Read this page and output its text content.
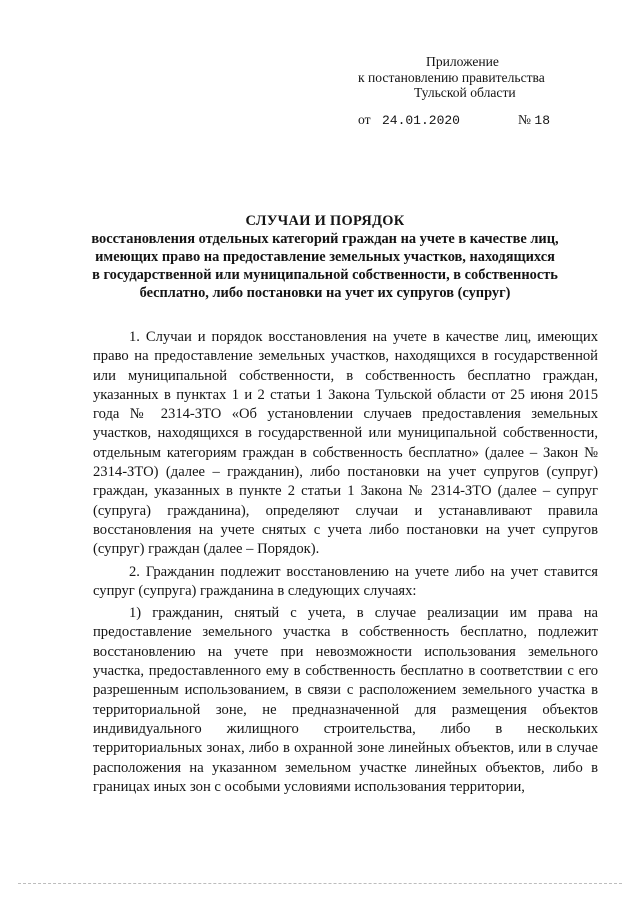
Приложение
к постановлению правительства
Тульской области
от 24.01.2020	№ 18
СЛУЧАИ И ПОРЯДОК
восстановления отдельных категорий граждан на учете в качестве лиц,
имеющих право на предоставление земельных участков, находящихся
в государственной или муниципальной собственности, в собственность
бесплатно, либо постановки на учет их супругов (супруг)

1. Случаи и порядок восстановления на учете в качестве лиц, имеющих право на предоставление земельных участков, находящихся в государственной или муниципальной собственности, в собственность бесплатно граждан, указанных в пунктах 1 и 2 статьи 1 Закона Тульской области от 25 июня 2015 года № 2314-ЗТО «Об установлении случаев предоставления земельных участков, находящихся в государственной или муниципальной собственности, отдельным категориям граждан в собственность бесплатно» (далее – Закон № 2314-ЗТО) (далее – гражданин), либо постановки на учет супругов (супруг) граждан, указанных в пункте 2 статьи 1 Закона № 2314-ЗТО (далее – супруг (супруга) гражданина), определяют случаи и устанавливают правила восстановления на учете снятых с учета либо постановки на учет супругов (супруг) граждан (далее – Порядок).

2. Гражданин подлежит восстановлению на учете либо на учет ставится супруг (супруга) гражданина в следующих случаях:

1) гражданин, снятый с учета, в случае реализации им права на предоставление земельного участка в собственность бесплатно, подлежит восстановлению на учете при невозможности использования земельного участка, предоставленного ему в собственность бесплатно в соответствии с его разрешенным использованием, в связи с расположением земельного участка в территориальной зоне, не предназначенной для размещения объектов индивидуального жилищного строительства, либо в нескольких территориальных зонах, либо в охранной зоне линейных объектов, или в случае расположения на указанном земельном участке линейных объектов, либо в границах иных зон с особыми условиями использования территории,
